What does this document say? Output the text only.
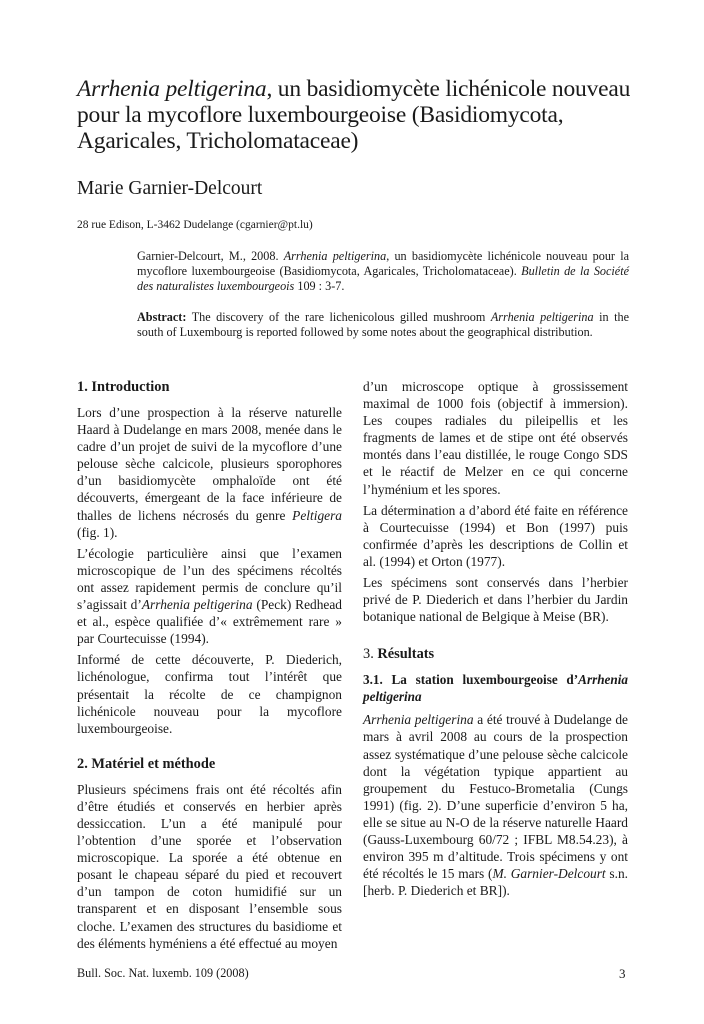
Arrhenia peltigerina, un basidiomycète lichénicole nouveau
pour la mycoflore luxembourgeoise (Basidiomycota,
Agaricales, Tricholomataceae)
Marie Garnier-Delcourt
28 rue Edison, L-3462 Dudelange (cgarnier@pt.lu)
Garnier-Delcourt, M., 2008. Arrhenia peltigerina, un basidiomycète lichénicole nouveau pour la mycoflore luxembourgeoise (Basidiomycota, Agaricales, Tricholomataceae). Bulletin de la Société des naturalistes luxembourgeois 109 : 3-7.
Abstract: The discovery of the rare lichenicolous gilled mushroom Arrhenia peltigerina in the south of Luxembourg is reported followed by some notes about the geographical distribution.
1. Introduction

Lors d’une prospection à la réserve naturelle Haard à Dudelange en mars 2008, menée dans le cadre d’un projet de suivi de la mycoflore d’une pelouse sèche calcicole, plusieurs sporophores d’un basidiomycète omphaloïde ont été découverts, émergeant de la face inférieure de thalles de lichens nécrosés du genre Peltigera (fig. 1).

L’écologie particulière ainsi que l’examen microscopique de l’un des spécimens récoltés ont assez rapidement permis de conclure qu’il s’agissait d’Arrhenia peltigerina (Peck) Redhead et al., espèce qualifiée d’« extrêmement rare » par Courtecuisse (1994).

Informé de cette découverte, P. Diederich, lichénologue, confirma tout l’intérêt que présentait la récolte de ce champignon lichénicole nouveau pour la mycoflore luxembourgeoise.

2. Matériel et méthode

Plusieurs spécimens frais ont été récoltés afin d’être étudiés et conservés en herbier après dessiccation. L’un a été manipulé pour l’obtention d’une sporée et l’observation microscopique. La sporée a été obtenue en posant le chapeau séparé du pied et recouvert d’un tampon de coton humidifié sur un transparent et en disposant l’ensemble sous cloche. L’examen des structures du basidiome et des éléments hyméniens a été effectué au moyen

d’un microscope optique à grossissement maximal de 1000 fois (objectif à immersion). Les coupes radiales du pileipellis et les fragments de lames et de stipe ont été observés montés dans l’eau distillée, le rouge Congo SDS et le réactif de Melzer en ce qui concerne l’hyménium et les spores.

La détermination a d’abord été faite en référence à Courtecuisse (1994) et Bon (1997) puis confirmée d’après les descriptions de Collin et al. (1994) et Orton (1977).

Les spécimens sont conservés dans l’herbier privé de P. Diederich et dans l’herbier du Jardin botanique national de Belgique à Meise (BR).

3. Résultats
3.1. La station luxembourgeoise d’Arrhenia peltigerina

Arrhenia peltigerina a été trouvé à Dudelange de mars à avril 2008 au cours de la prospection assez systématique d’une pelouse sèche calcicole dont la végétation typique appartient au groupement du Festuco-Brometalia (Cungs 1991) (fig. 2). D’une superficie d’environ 5 ha, elle se situe au N-O de la réserve naturelle Haard (Gauss-Luxembourg 60/72 ; IFBL M8.54.23), à environ 395 m d’altitude. Trois spécimens y ont été récoltés le 15 mars (M. Garnier-Delcourt s.n. [herb. P. Diederich et BR]).

Bull. Soc. Nat. luxemb. 109 (2008)	3
